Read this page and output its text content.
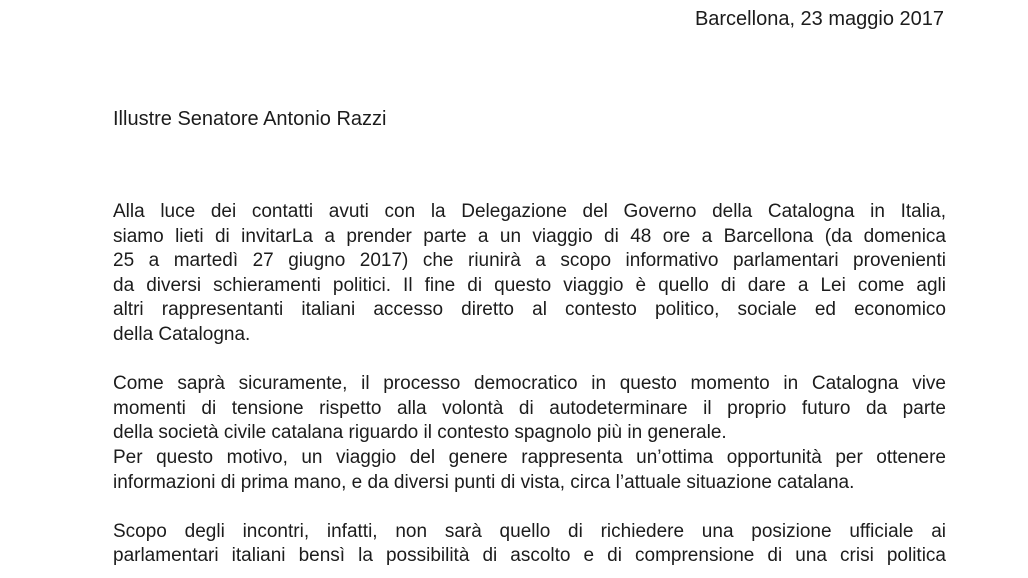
Barcellona, 23 maggio 2017
Illustre Senatore Antonio Razzi

Alla luce dei contatti avuti con la Delegazione del Governo della Catalogna in Italia,
siamo lieti di invitarLa a prender parte a un viaggio di 48 ore a Barcellona (da domenica
25 a martedì 27 giugno 2017) che riunirà a scopo informativo parlamentari provenienti
da diversi schieramenti politici. Il fine di questo viaggio è quello di dare a Lei come agli
altri rappresentanti italiani accesso diretto al contesto politico, sociale ed economico
della Catalogna.

Come saprà sicuramente, il processo democratico in questo momento in Catalogna vive
momenti di tensione rispetto alla volontà di autodeterminare il proprio futuro da parte
della società civile catalana riguardo il contesto spagnolo più in generale.

Per questo motivo, un viaggio del genere rappresenta un’ottima opportunità per ottenere
informazioni di prima mano, e da diversi punti di vista, circa l’attuale situazione catalana.

Scopo degli incontri, infatti, non sarà quello di richiedere una posizione ufficiale ai
parlamentari italiani bensì la possibilità di ascolto e di comprensione di una crisi politica
